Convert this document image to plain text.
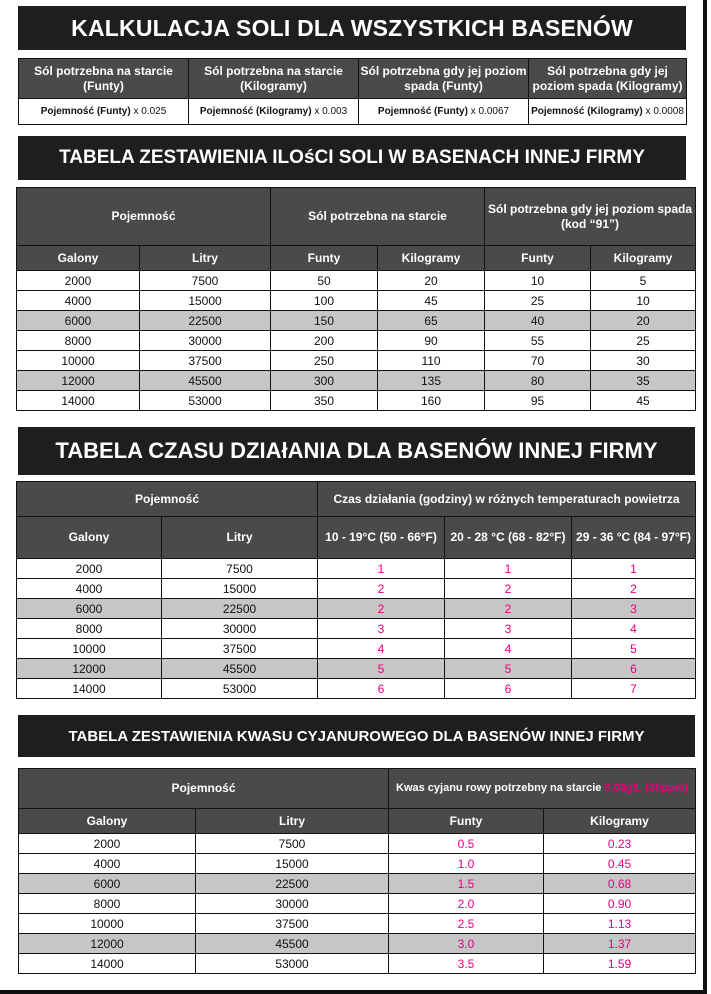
KALKULACJA SOLI DLA WSZYSTKICH BASENÓW
Sól potrzebna na starcie (Funty)	Sól potrzebna na starcie (Kilogramy)	Sól potrzebna gdy jej poziom spada (Funty)	Sól potrzebna gdy jej poziom spada (Kilogramy)
Pojemność (Funty) x 0.025	Pojemność (Kilogramy) x 0.003	Pojemność (Funty) x 0.0067	Pojemność (Kilogramy) x 0.0008
TABELA ZESTAWIENIA ILOśCI SOLI W BASENACH INNEJ FIRMY
Pojemność		Sól potrzebna na starcie		Sól potrzebna gdy jej poziom spada (kod “91”)	
Galony	Litry	Funty	Kilogramy	Funty	Kilogramy
2000	7500	50	20	10	5
4000	15000	100	45	25	10
6000	22500	150	65	40	20
8000	30000	200	90	55	25
10000	37500	250	110	70	30
12000	45500	300	135	80	35
14000	53000	350	160	95	45
TABELA CZASU DZIAłANIA DLA BASENÓW INNEJ FIRMY
Pojemność		Czas działania (godziny) w różnych temperaturach powietrza		
Galony	Litry	10 - 19°C (50 - 66°F)	20 - 28 °C (68 - 82°F)	29 - 36 °C (84 - 97°F)
2000	7500	1	1	1
4000	15000	2	2	2
6000	22500	2	2	3
8000	30000	3	3	4
10000	37500	4	4	5
12000	45500	5	5	6
14000	53000	6	6	7
TABELA ZESTAWIENIA KWASU CYJANUROWEGO DLA BASENÓW INNEJ FIRMY
Pojemność		Kwas cyjanu rowy potrzebny na starcie 0.03g/L (30ppm)	
Galony	Litry	Funty	Kilogramy
2000	7500	0.5	0.23
4000	15000	1.0	0.45
6000	22500	1.5	0.68
8000	30000	2.0	0.90
10000	37500	2.5	1.13
12000	45500	3.0	1.37
14000	53000	3.5	1.59
